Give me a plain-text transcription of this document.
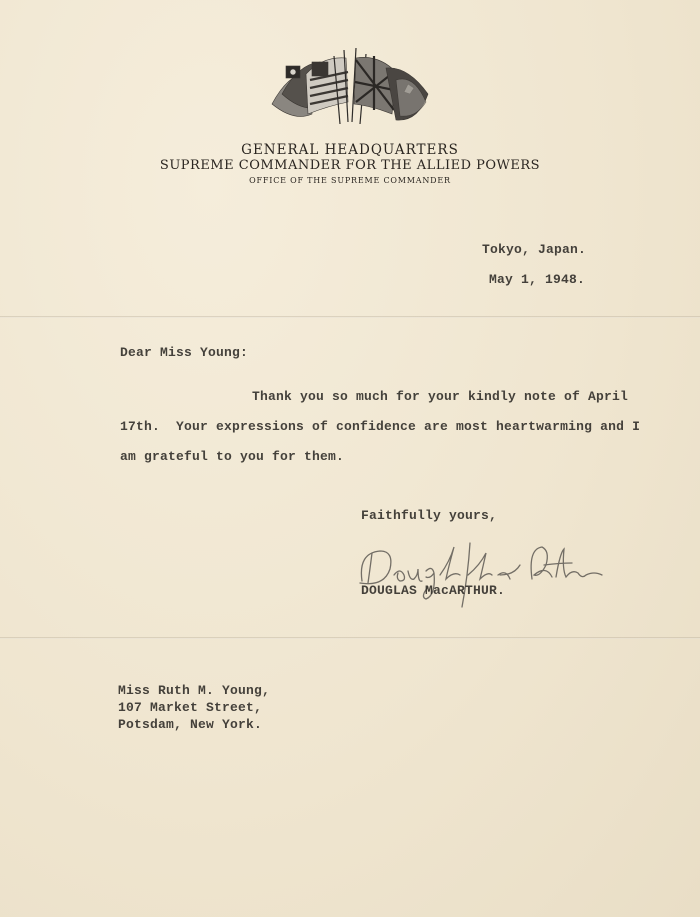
GENERAL HEADQUARTERS
SUPREME COMMANDER FOR THE ALLIED POWERS
OFFICE OF THE SUPREME COMMANDER
Tokyo, Japan.
May 1, 1948.
Dear Miss Young:
Thank you so much for your kindly note of April
17th.  Your expressions of confidence are most heartwarming and I
am grateful to you for them.
Faithfully yours,
DOUGLAS MacARTHUR.
Miss Ruth M. Young,
107 Market Street,
Potsdam, New York.
